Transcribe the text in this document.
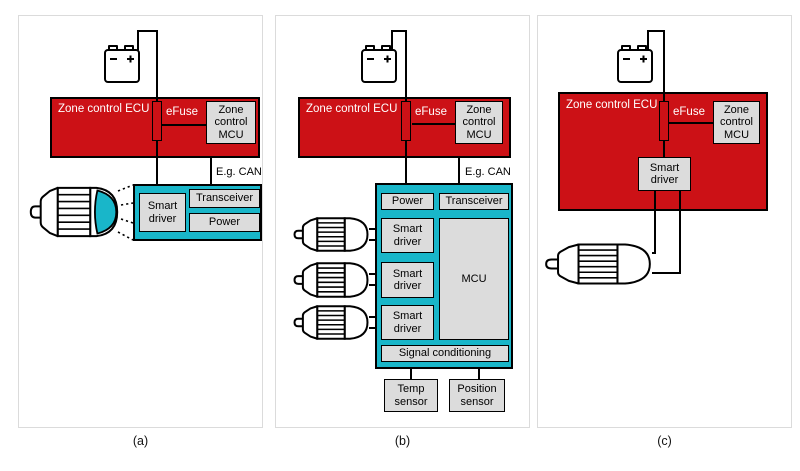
Zone control ECU eFuse	Zone control MCU
E.g. CAN
Smart driver
Transceiver
Power
Zone control ECU eFuse	Zone control MCU
E.g. CAN
Power	Transceiver
Smart driver
Smart driver
Smart driver
MCU
Signal conditioning
Temp sensor
Position sensor
Zone control ECU
eFuse	Zone control MCU
Smart driver
(a)	(b)	(c)
